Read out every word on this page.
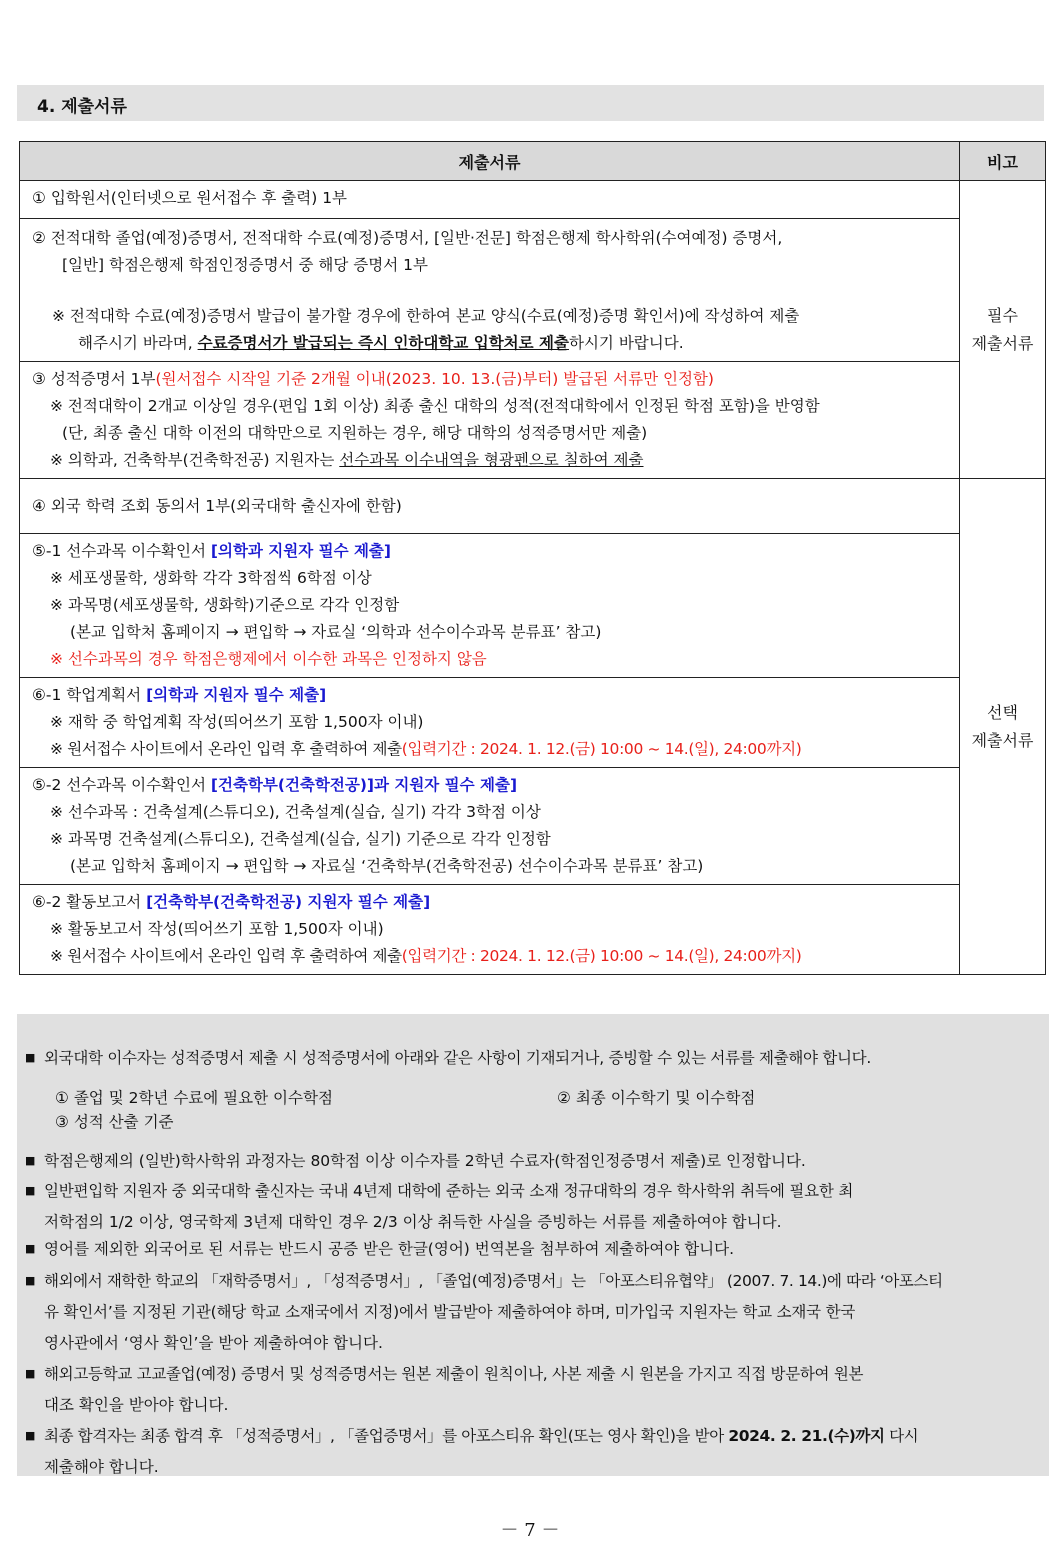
4. 제출서류
제출서류	비고

① 입학원서(인터넷으로 원서접수 후 출력) 1부	필수
제출서류

② 전적대학 졸업(예정)증명서, 전적대학 수료(예정)증명서, [일반·전문] 학점은행제 학사학위(수여예정) 증명서,
[일반] 학점은행제 학점인정증명서 중 해당 증명서 1부
※ 전적대학 수료(예정)증명서 발급이 불가할 경우에 한하여 본교 양식(수료(예정)증명 확인서)에 작성하여 제출
해주시기 바라며, 수료증명서가 발급되는 즉시 인하대학교 입학처로 제출하시기 바랍니다.	

③ 성적증명서 1부(원서접수 시작일 기준 2개월 이내(2023. 10. 13.(금)부터) 발급된 서류만 인정함)
※ 전적대학이 2개교 이상일 경우(편입 1회 이상) 최종 출신 대학의 성적(전적대학에서 인정된 학점 포함)을 반영함
(단, 최종 출신 대학 이전의 대학만으로 지원하는 경우, 해당 대학의 성적증명서만 제출)
※ 의학과, 건축학부(건축학전공) 지원자는 선수과목 이수내역을 형광펜으로 칠하여 제출	

④ 외국 학력 조회 동의서 1부(외국대학 출신자에 한함)	선택
제출서류

⑤-1 선수과목 이수확인서 [의학과 지원자 필수 제출]
※ 세포생물학, 생화학 각각 3학점씩 6학점 이상
※ 과목명(세포생물학, 생화학)기준으로 각각 인정함
(본교 입학처 홈페이지 → 편입학 → 자료실 ‘의학과 선수이수과목 분류표’ 참고)
※ 선수과목의 경우 학점은행제에서 이수한 과목은 인정하지 않음	

⑥-1 학업계획서 [의학과 지원자 필수 제출]
※ 재학 중 학업계획 작성(띄어쓰기 포함 1,500자 이내)
※ 원서접수 사이트에서 온라인 입력 후 출력하여 제출(입력기간 : 2024. 1. 12.(금) 10:00 ~ 14.(일), 24:00까지)	

⑤-2 선수과목 이수확인서 [건축학부(건축학전공)]과 지원자 필수 제출]
※ 선수과목 : 건축설계(스튜디오), 건축설계(실습, 실기) 각각 3학점 이상
※ 과목명 건축설계(스튜디오), 건축설계(실습, 실기) 기준으로 각각 인정함
(본교 입학처 홈페이지 → 편입학 → 자료실 ‘건축학부(건축학전공) 선수이수과목 분류표’ 참고)	

⑥-2 활동보고서 [건축학부(건축학전공) 지원자 필수 제출]
※ 활동보고서 작성(띄어쓰기 포함 1,500자 이내)
※ 원서접수 사이트에서 온라인 입력 후 출력하여 제출(입력기간 : 2024. 1. 12.(금) 10:00 ~ 14.(일), 24:00까지)	
■ 외국대학 이수자는 성적증명서 제출 시 성적증명서에 아래와 같은 사항이 기재되거나, 증빙할 수 있는 서류를 제출해야 합니다.
① 졸업 및 2학년 수료에 필요한 이수학점	② 최종 이수학기 및 이수학점
③ 성적 산출 기준
■ 학점은행제의 (일반)학사학위 과정자는 80학점 이상 이수자를 2학년 수료자(학점인정증명서 제출)로 인정합니다.
■ 일반편입학 지원자 중 외국대학 출신자는 국내 4년제 대학에 준하는 외국 소재 정규대학의 경우 학사학위 취득에 필요한 최
저학점의 1/2 이상, 영국학제 3년제 대학인 경우 2/3 이상 취득한 사실을 증빙하는 서류를 제출하여야 합니다.
■ 영어를 제외한 외국어로 된 서류는 반드시 공증 받은 한글(영어) 번역본을 첨부하여 제출하여야 합니다.
■ 해외에서 재학한 학교의 「재학증명서」, 「성적증명서」, 「졸업(예정)증명서」는 「아포스티유협약」 (2007. 7. 14.)에 따라 ‘아포스티
유 확인서’를 지정된 기관(해당 학교 소재국에서 지정)에서 발급받아 제출하여야 하며, 미가입국 지원자는 학교 소재국 한국
영사관에서 ‘영사 확인’을 받아 제출하여야 합니다.
■ 해외고등학교 고교졸업(예정) 증명서 및 성적증명서는 원본 제출이 원칙이나, 사본 제출 시 원본을 가지고 직접 방문하여 원본
대조 확인을 받아야 합니다.
■ 최종 합격자는 최종 합격 후 「성적증명서」, 「졸업증명서」를 아포스티유 확인(또는 영사 확인)을 받아 2024. 2. 21.(수)까지 다시
제출해야 합니다.
－ 7 －
